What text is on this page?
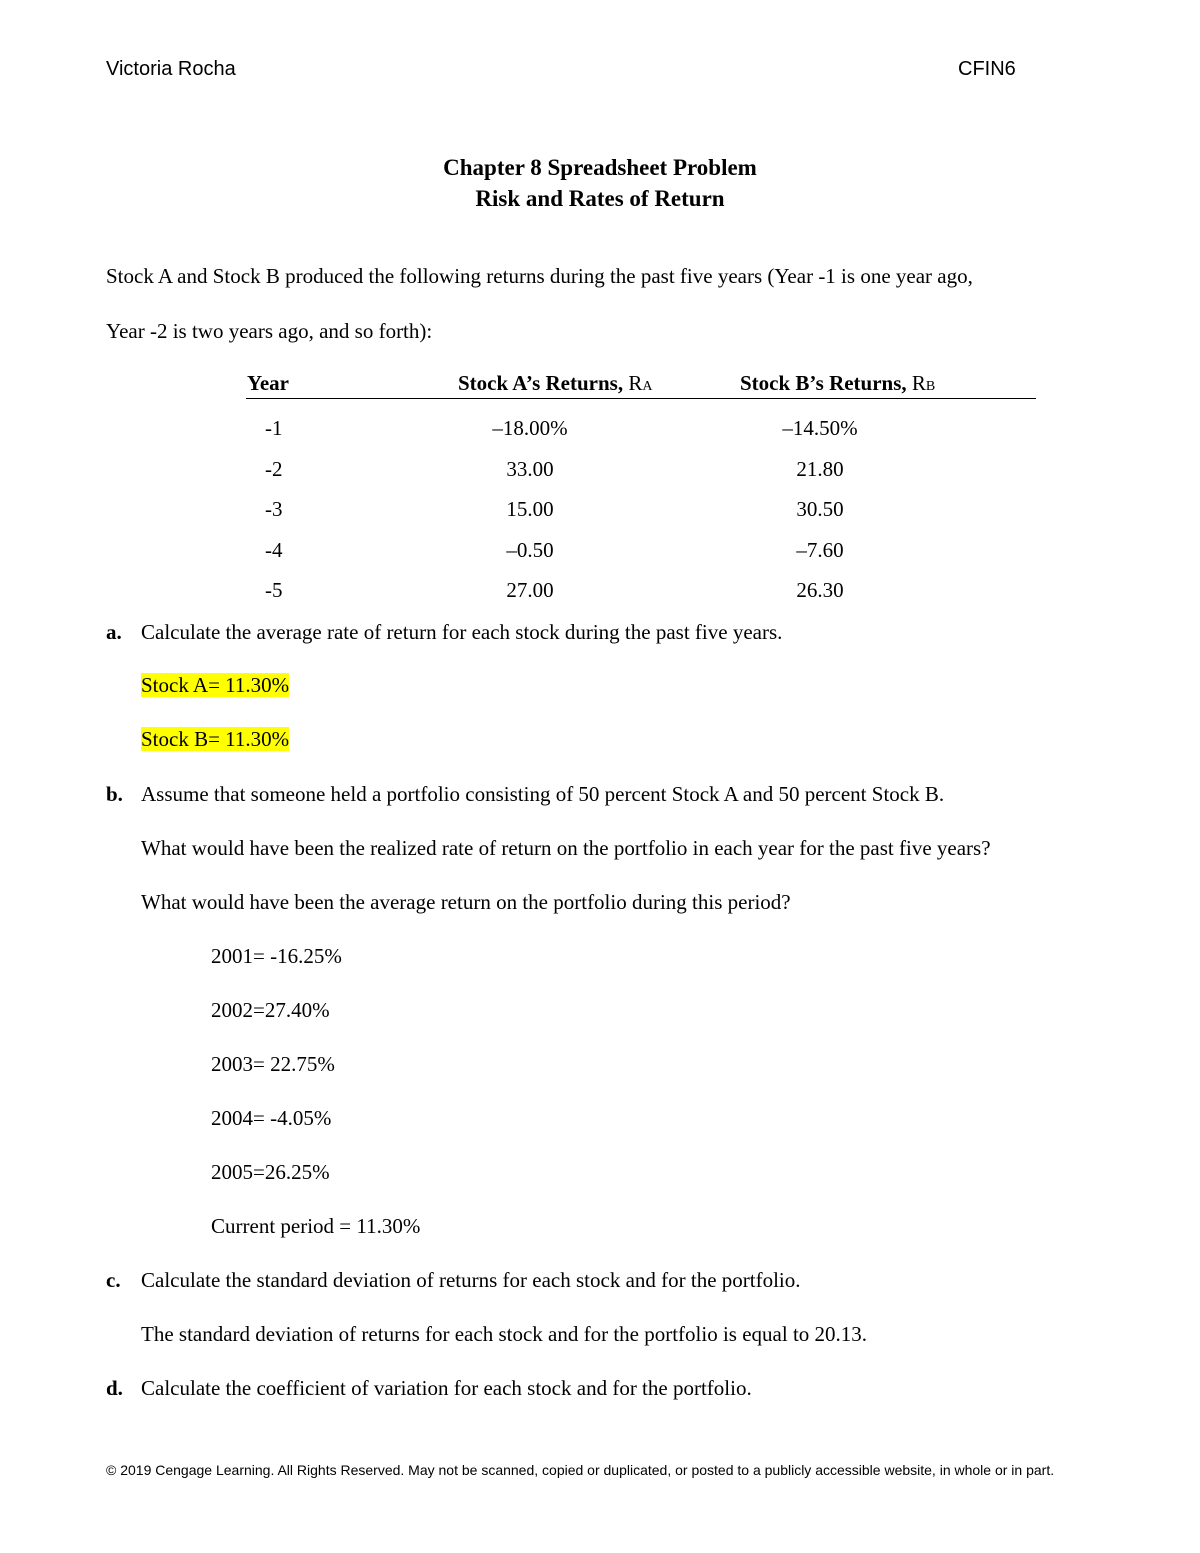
Victoria Rocha	CFIN6
Chapter 8 Spreadsheet Problem
Risk and Rates of Return
Stock A and Stock B produced the following returns during the past five years (Year -1 is one year ago,
Year -2 is two years ago, and so forth):
Year	Stock A’s Returns, RA	Stock B’s Returns, RB
-1	–18.00%	–14.50%
-2	33.00	21.80
-3	15.00	30.50
-4	–0.50	–7.60
-5	27.00	26.30
a. Calculate the average rate of return for each stock during the past five years.
Stock A= 11.30%
Stock B= 11.30%
b. Assume that someone held a portfolio consisting of 50 percent Stock A and 50 percent Stock B.
What would have been the realized rate of return on the portfolio in each year for the past five years?
What would have been the average return on the portfolio during this period?
2001= -16.25%
2002=27.40%
2003= 22.75%
2004= -4.05%
2005=26.25%
Current period = 11.30%
c. Calculate the standard deviation of returns for each stock and for the portfolio.
The standard deviation of returns for each stock and for the portfolio is equal to 20.13.
d. Calculate the coefficient of variation for each stock and for the portfolio.
© 2019 Cengage Learning. All Rights Reserved. May not be scanned, copied or duplicated, or posted to a publicly accessible website, in whole or in part.
